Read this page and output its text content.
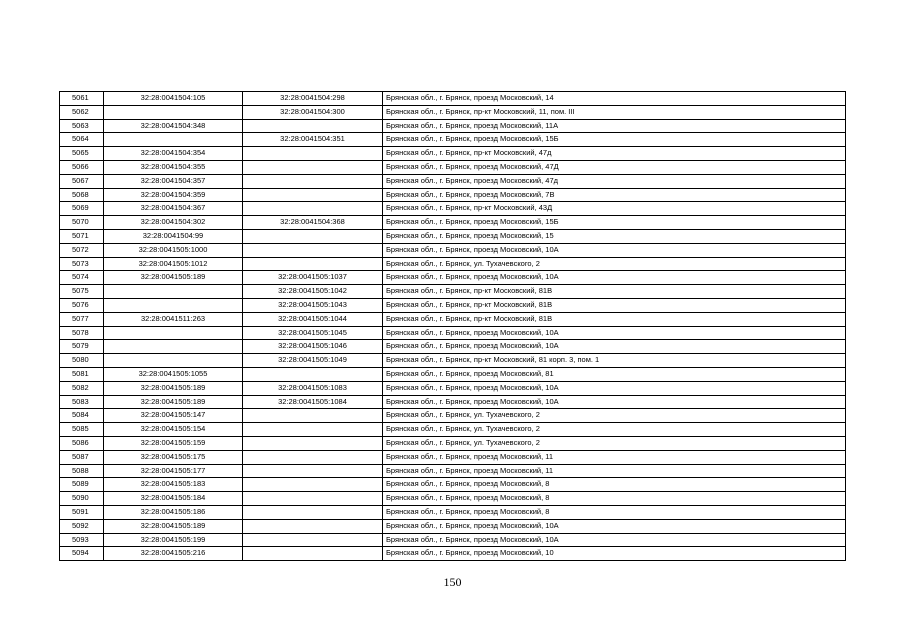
5061	32:28:0041504:105	32:28:0041504:298	Брянская обл., г. Брянск, проезд Московский, 14
5062		32:28:0041504:300	Брянская обл., г. Брянск, пр-кт Московский, 11, пом. III
5063	32:28:0041504:348		Брянская обл., г. Брянск, проезд Московский, 11А
5064		32:28:0041504:351	Брянская обл., г. Брянск, проезд Московский, 15Б
5065	32:28:0041504:354		Брянская обл., г. Брянск, пр-кт Московский, 47д
5066	32:28:0041504:355		Брянская обл., г. Брянск, проезд Московский, 47Д
5067	32:28:0041504:357		Брянская обл., г. Брянск, проезд Московский, 47д
5068	32:28:0041504:359		Брянская обл., г. Брянск, проезд Московский, 7В
5069	32:28:0041504:367		Брянская обл., г. Брянск, пр-кт Московский, 43Д
5070	32:28:0041504:302	32:28:0041504:368	Брянская обл., г. Брянск, проезд Московский, 15Б
5071	32:28:0041504:99		Брянская обл., г. Брянск, проезд Московский, 15
5072	32:28:0041505:1000		Брянская обл., г. Брянск, проезд Московский, 10А
5073	32:28:0041505:1012		Брянская обл., г. Брянск, ул. Тухачевского, 2
5074	32:28:0041505:189	32:28:0041505:1037	Брянская обл., г. Брянск, проезд Московский, 10А
5075		32:28:0041505:1042	Брянская обл., г. Брянск, пр-кт Московский, 81В
5076		32:28:0041505:1043	Брянская обл., г. Брянск, пр-кт Московский, 81В
5077	32:28:0041511:263	32:28:0041505:1044	Брянская обл., г. Брянск, пр-кт Московский, 81В
5078		32:28:0041505:1045	Брянская обл., г. Брянск, проезд Московский, 10А
5079		32:28:0041505:1046	Брянская обл., г. Брянск, проезд Московский, 10А
5080		32:28:0041505:1049	Брянская обл., г. Брянск, пр-кт Московский, 81 корп. 3, пом. 1
5081	32:28:0041505:1055		Брянская обл., г. Брянск, проезд Московский, 81
5082	32:28:0041505:189	32:28:0041505:1083	Брянская обл., г. Брянск, проезд Московский, 10А
5083	32:28:0041505:189	32:28:0041505:1084	Брянская обл., г. Брянск, проезд Московский, 10А
5084	32:28:0041505:147		Брянская обл., г. Брянск, ул. Тухачевского, 2
5085	32:28:0041505:154		Брянская обл., г. Брянск, ул. Тухачевского, 2
5086	32:28:0041505:159		Брянская обл., г. Брянск, ул. Тухачевского, 2
5087	32:28:0041505:175		Брянская обл., г. Брянск, проезд Московский, 11
5088	32:28:0041505:177		Брянская обл., г. Брянск, проезд Московский, 11
5089	32:28:0041505:183		Брянская обл., г. Брянск, проезд Московский, 8
5090	32:28:0041505:184		Брянская обл., г. Брянск, проезд Московский, 8
5091	32:28:0041505:186		Брянская обл., г. Брянск, проезд Московский, 8
5092	32:28:0041505:189		Брянская обл., г. Брянск, проезд Московский, 10А
5093	32:28:0041505:199		Брянская обл., г. Брянск, проезд Московский, 10А
5094	32:28:0041505:216		Брянская обл., г. Брянск, проезд Московский, 10
150
